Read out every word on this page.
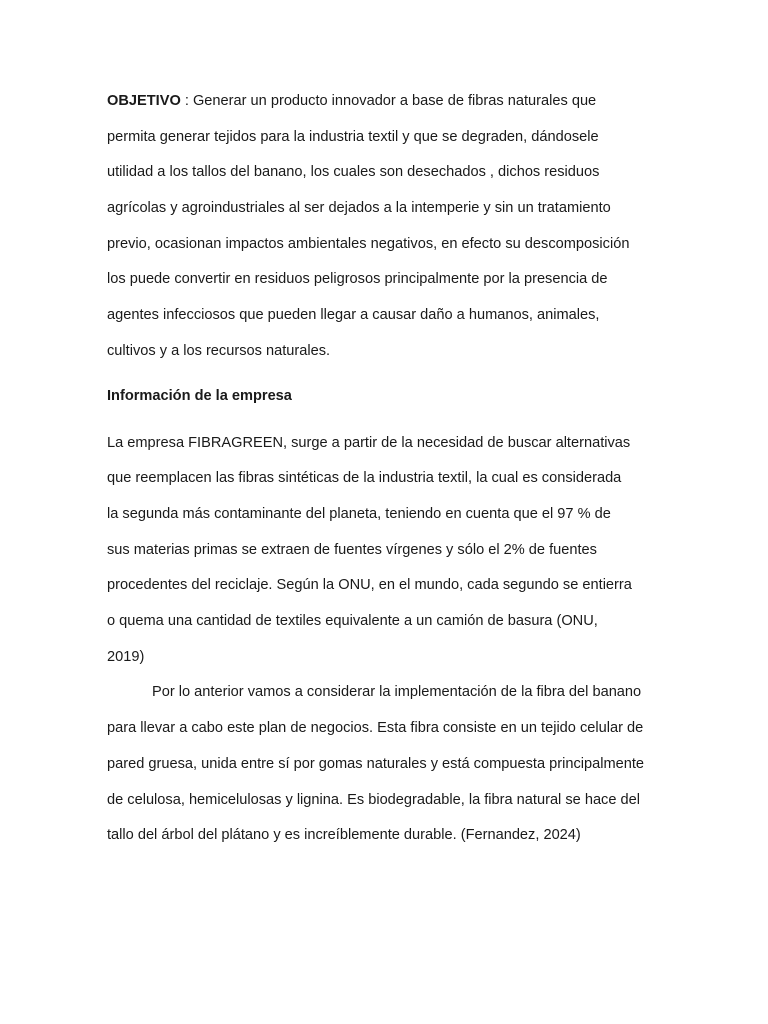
OBJETIVO : Generar un producto innovador a base de fibras naturales que
permita generar tejidos para la industria textil y que se degraden, dándosele
utilidad a los tallos del banano, los cuales son desechados , dichos residuos
agrícolas y agroindustriales al ser dejados a la intemperie y sin un tratamiento
previo, ocasionan impactos ambientales negativos, en efecto su descomposición
los puede convertir en residuos peligrosos principalmente por la presencia de
agentes infecciosos que pueden llegar a causar daño a humanos, animales,
cultivos y a los recursos naturales.
Información de la empresa
La empresa FIBRAGREEN, surge a partir de la necesidad de buscar alternativas
que reemplacen las fibras sintéticas de la industria textil, la cual es considerada
la segunda más contaminante del planeta, teniendo en cuenta que el 97 % de
sus materias primas se extraen de fuentes vírgenes y sólo el 2% de fuentes
procedentes del reciclaje. Según la ONU, en el mundo, cada segundo se entierra
o quema una cantidad de textiles equivalente a un camión de basura (ONU,
2019)
Por lo anterior vamos a considerar la implementación de la fibra del banano
para llevar a cabo este plan de negocios. Esta fibra consiste en un tejido celular de
pared gruesa, unida entre sí por gomas naturales y está compuesta principalmente
de celulosa, hemicelulosas y lignina. Es biodegradable, la fibra natural se hace del
tallo del árbol del plátano y es increíblemente durable. (Fernandez, 2024)
